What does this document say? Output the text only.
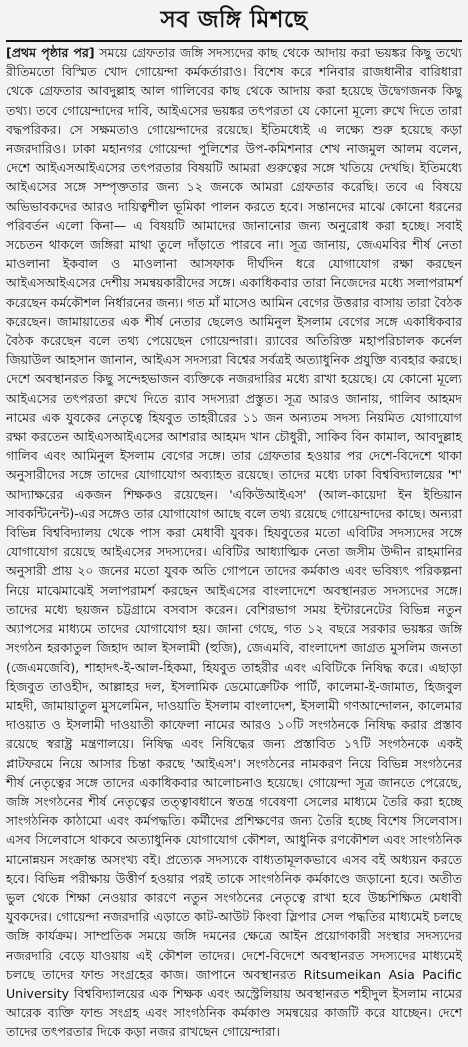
সব জঙ্গি মিশছে

[প্রথম পৃষ্ঠার পর] সময়ে গ্রেফতার জঙ্গি সদস্যদের কাছ থেকে আদায় করা ভয়ঙ্কর কিছু তথ্যে রীতিমতো বিস্মিত খোদ গোয়েন্দা কর্মকর্তারাও। বিশেষ করে শনিবার রাজধানীর বারিধারা থেকে গ্রেফতার আবদুল্লাহ আল গালিবের কাছ থেকে আদায় করা হয়েছে উদ্বেগজনক কিছু তথ্য। তবে গোয়েন্দাদের দাবি, আইএসের ভয়ঙ্কর তৎপরতা যে কোনো মূল্যে রুখে দিতে তারা বদ্ধপরিকর। সে সক্ষমতাও গোয়েন্দাদের রয়েছে। ইতিমধ্যেই এ লক্ষ্যে শুরু হয়েছে কড়া নজরদারিও। ঢাকা মহানগর গোয়েন্দা পুলিশের উপ-কমিশনার শেখ নাজমুল আলম বলেন, দেশে আইএসআইএসের তৎপরতার বিষয়টি আমরা গুরুত্বের সঙ্গে খতিয়ে দেখছি। ইতিমধ্যে আইএসের সঙ্গে সম্পৃক্ততার জন্য ১২ জনকে আমরা গ্রেফতার করেছি। তবে এ বিষয়ে অভিভাবকদের আরও দায়িত্বশীল ভূমিকা পালন করতে হবে। সন্তানদের মাঝে কোনো ধরনের পরিবর্তন এলো কিনা— এ বিষয়টি আমাদের জানানোর জন্য অনুরোধ করা হচ্ছে। সবাই সচেতন থাকলে জঙ্গিরা মাথা তুলে দাঁড়াতে পারবে না। সূত্র জানায়, জেএমবির শীর্ষ নেতা মাওলানা ইকবাল ও মাওলানা আসফাক দীর্ঘদিন ধরে যোগাযোগ রক্ষা করছেন আইএসআইএসের দেশীয় সমন্বয়কারীদের সঙ্গে। একাধিকবার তারা নিজেদের মধ্যে সলাপরামর্শ করেছেন কর্মকৌশল নির্ধারনের জন্য। গত মাঁ মাসেও আমিন বেগের উত্তরার বাসায় তারা বৈঠক করেছেন। জামায়াতের এক শীর্ষ নেতার ছেলেও আমিনুল ইসলাম বেগের সঙ্গে একাধিকবার বৈঠক করেছেন বলে তথ্য পেয়েছেন গোয়েন্দারা। র‌্যাবের অতিরিক্ত মহাপরিচালক কর্নেল জিয়াউল আহসান জানান, আইএস সদস্যরা বিশ্বের সর্বত্রই অত্যাধুনিক প্রযুক্তি ব্যবহার করছে। দেশে অবস্থানরত কিছু সন্দেহভাজন ব্যক্তিকে নজরদারির মধ্যে রাখা হয়েছে। যে কোনো মূল্যে আইএসের তৎপরতা রুখে দিতে র‌্যাব সদস্যরা প্রস্তুত। সূত্র আরও জানায়, গালিব আহমদ নামের এক যুবকের নেতৃত্বে হিযবুত তাহরীরের ১১ জন অন্যতম সদস্য নিয়মিত যোগাযোগ রক্ষা করতেন আইএসআইএসের আশরার আহমদ খান চৌধুরী, সাকিব বিন কামাল, আবদুল্লাহ গালিব এবং আমিনুল ইসলাম বেগের সঙ্গে। তার গ্রেফতার হওয়ার পর দেশে-বিদেশে থাকা অনুসারীদের সঙ্গে তাদের যোগাযোগ অব্যাহত রয়েছে। তাদের মধ্যে ঢাকা বিশ্ববিদ্যালয়ের 'শ' আদ্যাক্ষরের একজন শিক্ষকও রয়েছেন। 'একিউআইএস' (আল-কায়েদা ইন ইন্ডিয়ান সাবকন্টিনেন্ট)-এর সঙ্গেও তার যোগাযোগ আছে বলে তথ্য রয়েছে গোয়েন্দাদের কাছে। অন্যরা বিভিন্ন বিশ্ববিদ্যালয় থেকে পাস করা মেধাবী যুবক। হিযবুতের মতো এবিটির সদস্যদের সঙ্গে যোগাযোগ রয়েছে আইএসের সদস্যদের। এবিটির আধ্যাত্মিক নেতা জসীম উদ্দীন রাহমানির অনুসারী প্রায় ২০ জনের মতো যুবক অতি গোপনে তাদের কর্মকাণ্ড এবং ভবিষ্যৎ পরিকল্পনা নিয়ে মাঝেমাঝেই সলাপরামর্শ করছেন আইএসের বাংলাদেশে অবস্থানরত সদস্যদের সঙ্গে। তাদের মধ্যে ছয়জন চট্টগ্রামে বসবাস করেন। বেশিরভাগ সময় ইন্টারনেটের বিভিন্ন নতুন অ্যাপসের মাধ্যমে তাদের যোগাযোগ হয়। জানা গেছে, গত ১২ বছরে সরকার ভয়ঙ্কর জঙ্গি সংগঠন হরকাতুল জিহাদ আল ইসলামী (হুজি), জেএমবি, বাংলাদেশ জাগ্রত মুসলিম জনতা (জেএমজেবি), শাহাদৎ-ই-আল-হিকমা, হিযবুত তাহরীর এবং এবিটিকে নিষিদ্ধ করে। এছাড়া হিজবুত তাওহীদ, আল্লাহর দল, ইসলামিক ডেমোক্রেটিক পার্টি, কালেমা-ই-জামাত, হিজবুল মাহদী, জামায়াতুল মুসলেমিন, দাওয়াতি ইসলাম বাংলাদেশ, ইসলামী গণআন্দোলন, কালেমার দাওয়াত ও ইসলামী দাওয়াতী কাফেলা নামের আরও ১০টি সংগঠনকে নিষিদ্ধ করার প্রস্তাব রয়েছে স্বরাষ্ট্র মন্ত্রণালয়ে। নিষিদ্ধ এবং নিষিদ্ধের জন্য প্রস্তাবিত ১৭টি সংগঠনকে একই প্লাটফরমে নিয়ে আসার চিন্তা করছে 'আইএস'। সংগঠনের নামকরণ নিয়ে বিভিন্ন সংগঠনের শীর্ষ নেতৃত্বের সঙ্গে তাদের একাধিকবার আলোচনাও হয়েছে। গোয়েন্দা সূত্র জানতে পেরেছে, জঙ্গি সংগঠনের শীর্ষ নেতৃত্বের তত্ত্বাবধানে স্বতন্ত্র গবেষণা সেলের মাধ্যমে তৈরি করা হচ্ছে সাংগঠনিক কাঠামো এবং কর্মপদ্ধতি। কর্মীদের প্রশিক্ষণের জন্য তৈরি হচ্ছে বিশেষ সিলেবাস। এসব সিলেবাসে থাকবে অত্যাধুনিক যোগাযোগ কৌশল, আধুনিক রণকৌশল এবং সাংগঠনিক মানোন্নয়ন সংক্রান্ত অসংখ্য বই। প্রত্যেক সদস্যকে বাধ্যতামূলকভাবে এসব বই অধ্যয়ন করতে হবে। বিভিন্ন পরীক্ষায় উত্তীর্ণ হওয়ার পরই তাকে সাংগঠনিক কর্মকাণ্ডে জড়ানো হবে। অতীত ভুল থেকে শিক্ষা নেওয়ার কারণে নতুন সংগঠনের নেতৃত্বে রাখা হবে উচ্চশিক্ষিত মেধাবী যুবকদের। গোয়েন্দা নজরদারি এড়াতে কাট-আউট কিংবা স্লিপার সেল পদ্ধতির মাধ্যমেই চলছে জঙ্গি কার্যক্রম। সাম্প্রতিক সময়ে জঙ্গি দমনের ক্ষেত্রে আইন প্রয়োগকারী সংস্থার সদস্যদের নজরদারি বেড়ে যাওয়ায় এই কৌশল তাদের। দেশে-বিদেশে অবস্থানরত সদস্যদের মাধ্যমেই চলছে তাদের ফান্ড সংগ্রহের কাজ। জাপানে অবস্থানরত Ritsumeikan Asia Pacific University বিশ্ববিদ্যালয়ের এক শিক্ষক এবং অস্ট্রেলিয়ায় অবস্থানরত শহীদুল ইসলাম নামের আরেক ব্যক্তি ফান্ড সংগ্রহ এবং সাংগঠনিক কর্মকাণ্ড সমন্বয়ের কাজটি করে যাচ্ছেন। দেশে তাদের তৎপরতার দিকে কড়া নজর রাখছেন গোয়েন্দারা।
